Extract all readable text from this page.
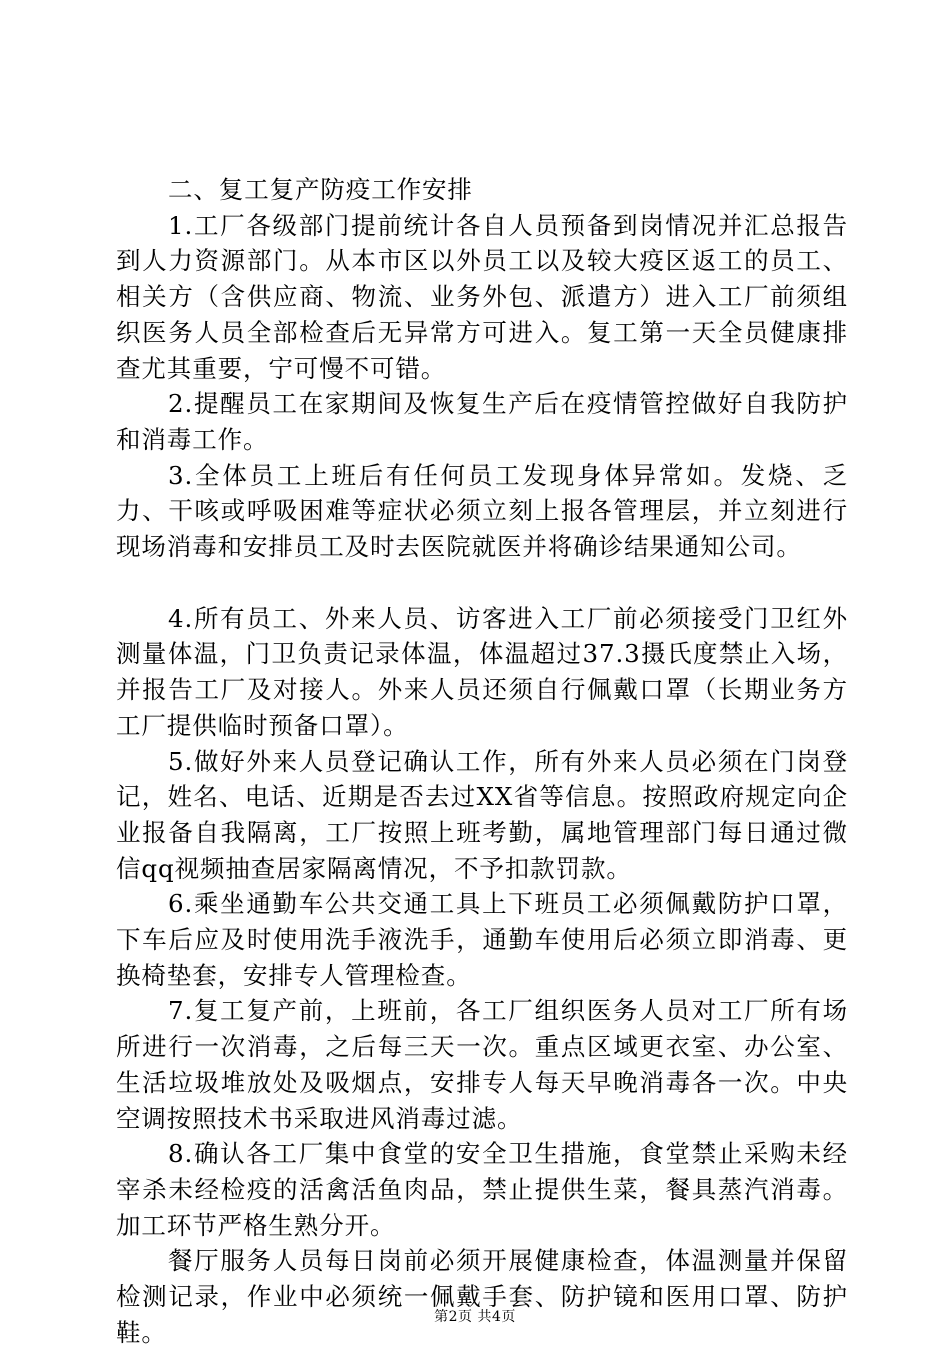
二、复工复产防疫工作安排

1.工厂各级部门提前统计各自人员预备到岗情况并汇总报告到人力资源部门。从本市区以外员工以及较大疫区返工的员工、相关方（含供应商、物流、业务外包、派遣方）进入工厂前须组织医务人员全部检查后无异常方可进入。复工第一天全员健康排查尤其重要，宁可慢不可错。

2.提醒员工在家期间及恢复生产后在疫情管控做好自我防护和消毒工作。

3.全体员工上班后有任何员工发现身体异常如。发烧、乏力、干咳或呼吸困难等症状必须立刻上报各管理层，并立刻进行现场消毒和安排员工及时去医院就医并将确诊结果通知公司。

4.所有员工、外来人员、访客进入工厂前必须接受门卫红外测量体温，门卫负责记录体温，体温超过37.3摄氏度禁止入场，并报告工厂及对接人。外来人员还须自行佩戴口罩（长期业务方工厂提供临时预备口罩）。

5.做好外来人员登记确认工作，所有外来人员必须在门岗登记，姓名、电话、近期是否去过XX省等信息。按照政府规定向企业报备自我隔离，工厂按照上班考勤，属地管理部门每日通过微信qq视频抽查居家隔离情况，不予扣款罚款。

6.乘坐通勤车公共交通工具上下班员工必须佩戴防护口罩，下车后应及时使用洗手液洗手，通勤车使用后必须立即消毒、更换椅垫套，安排专人管理检查。

7.复工复产前，上班前，各工厂组织医务人员对工厂所有场所进行一次消毒，之后每三天一次。重点区域更衣室、办公室、生活垃圾堆放处及吸烟点，安排专人每天早晚消毒各一次。中央空调按照技术书采取进风消毒过滤。

8.确认各工厂集中食堂的安全卫生措施，食堂禁止采购未经宰杀未经检疫的活禽活鱼肉品，禁止提供生菜，餐具蒸汽消毒。加工环节严格生熟分开。

餐厅服务人员每日岗前必须开展健康检查，体温测量并保留检测记录，作业中必须统一佩戴手套、防护镜和医用口罩、防护鞋。

第2页 共4页
